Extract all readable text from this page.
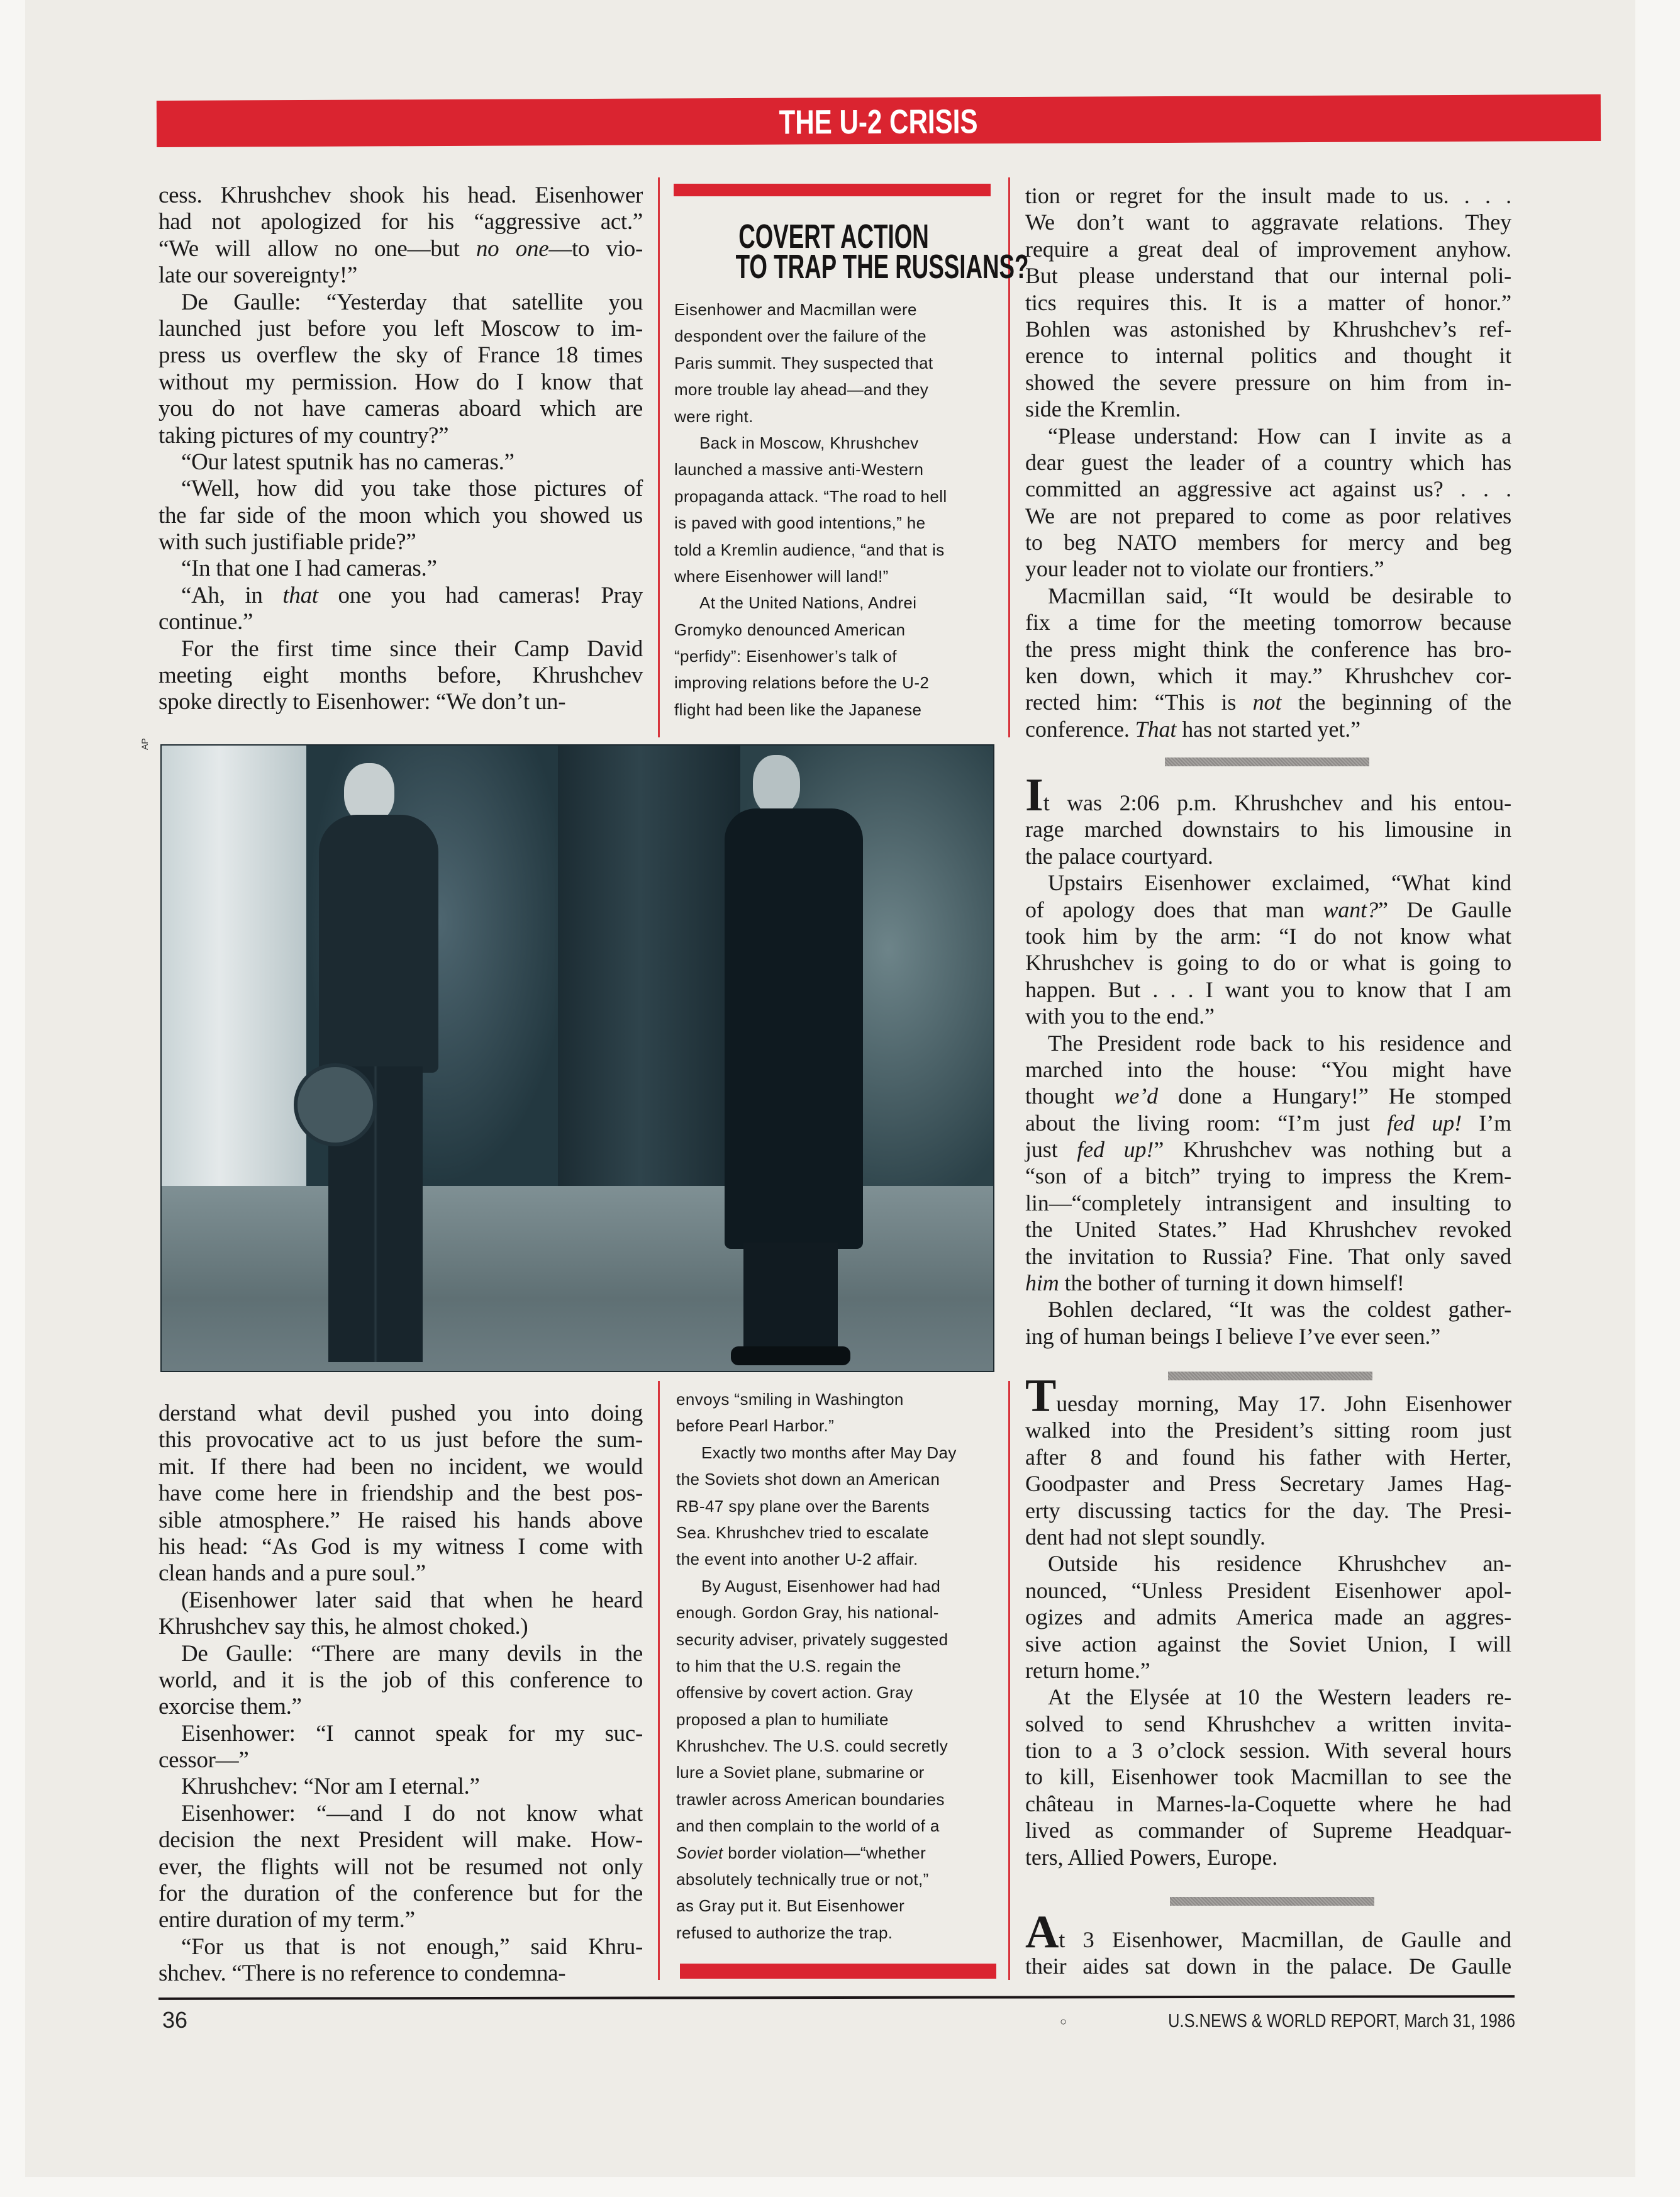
THE U-2 CRISIS
cess. Khrushchev shook his head. Eisenhower
had not apologized for his “aggressive act.”
“We will allow no one—but no one—to vio-
late our sovereignty!”
De Gaulle: “Yesterday that satellite you
launched just before you left Moscow to im-
press us overflew the sky of France 18 times
without my permission. How do I know that
you do not have cameras aboard which are
taking pictures of my country?”
“Our latest sputnik has no cameras.”
“Well, how did you take those pictures of
the far side of the moon which you showed us
with such justifiable pride?”
“In that one I had cameras.”
“Ah, in that one you had cameras! Pray
continue.”
For the first time since their Camp David
meeting eight months before, Khrushchev
spoke directly to Eisenhower: “We don’t un-
derstand what devil pushed you into doing
this provocative act to us just before the sum-
mit. If there had been no incident, we would
have come here in friendship and the best pos-
sible atmosphere.” He raised his hands above
his head: “As God is my witness I come with
clean hands and a pure soul.”
(Eisenhower later said that when he heard
Khrushchev say this, he almost choked.)
De Gaulle: “There are many devils in the
world, and it is the job of this conference to
exorcise them.”
Eisenhower: “I cannot speak for my suc-
cessor—”
Khrushchev: “Nor am I eternal.”
Eisenhower: “—and I do not know what
decision the next President will make. How-
ever, the flights will not be resumed not only
for the duration of the conference but for the
entire duration of my term.”
“For us that is not enough,” said Khru-
shchev. “There is no reference to condemna-
COVERT ACTION
TO TRAP THE RUSSIANS?
Eisenhower and Macmillan were
despondent over the failure of the
Paris summit. They suspected that
more trouble lay ahead—and they
were right.
Back in Moscow, Khrushchev
launched a massive anti-Western
propaganda attack. “The road to hell
is paved with good intentions,” he
told a Kremlin audience, “and that is
where Eisenhower will land!”
At the United Nations, Andrei
Gromyko denounced American
“perfidy”: Eisenhower’s talk of
improving relations before the U-2
flight had been like the Japanese
envoys “smiling in Washington
before Pearl Harbor.”
Exactly two months after May Day
the Soviets shot down an American
RB-47 spy plane over the Barents
Sea. Khrushchev tried to escalate
the event into another U-2 affair.
By August, Eisenhower had had
enough. Gordon Gray, his national-
security adviser, privately suggested
to him that the U.S. regain the
offensive by covert action. Gray
proposed a plan to humiliate
Khrushchev. The U.S. could secretly
lure a Soviet plane, submarine or
trawler across American boundaries
and then complain to the world of a
Soviet border violation—“whether
absolutely technically true or not,”
as Gray put it. But Eisenhower
refused to authorize the trap.
tion or regret for the insult made to us. . . .
We don’t want to aggravate relations. They
require a great deal of improvement anyhow.
But please understand that our internal poli-
tics requires this. It is a matter of honor.”
Bohlen was astonished by Khrushchev’s ref-
erence to internal politics and thought it
showed the severe pressure on him from in-
side the Kremlin.
“Please understand: How can I invite as a
dear guest the leader of a country which has
committed an aggressive act against us? . . .
We are not prepared to come as poor relatives
to beg NATO members for mercy and beg
your leader not to violate our frontiers.”
Macmillan said, “It would be desirable to
fix a time for the meeting tomorrow because
the press might think the conference has bro-
ken down, which it may.” Khrushchev cor-
rected him: “This is not the beginning of the
conference. That has not started yet.”
It was 2:06 p.m. Khrushchev and his entou-
rage marched downstairs to his limousine in
the palace courtyard.
Upstairs Eisenhower exclaimed, “What kind
of apology does that man want?” De Gaulle
took him by the arm: “I do not know what
Khrushchev is going to do or what is going to
happen. But . . . I want you to know that I am
with you to the end.”
The President rode back to his residence and
marched into the house: “You might have
thought we’d done a Hungary!” He stomped
about the living room: “I’m just fed up! I’m
just fed up!” Khrushchev was nothing but a
“son of a bitch” trying to impress the Krem-
lin—“completely intransigent and insulting to
the United States.” Had Khrushchev revoked
the invitation to Russia? Fine. That only saved
him the bother of turning it down himself!
Bohlen declared, “It was the coldest gather-
ing of human beings I believe I’ve ever seen.”
Tuesday morning, May 17. John Eisenhower
walked into the President’s sitting room just
after 8 and found his father with Herter,
Goodpaster and Press Secretary James Hag-
erty discussing tactics for the day. The Presi-
dent had not slept soundly.
Outside his residence Khrushchev an-
nounced, “Unless President Eisenhower apol-
ogizes and admits America made an aggres-
sive action against the Soviet Union, I will
return home.”
At the Elysée at 10 the Western leaders re-
solved to send Khrushchev a written invita-
tion to a 3 o’clock session. With several hours
to kill, Eisenhower took Macmillan to see the
château in Marnes-la-Coquette where he had
lived as commander of Supreme Headquar-
ters, Allied Powers, Europe.
At 3 Eisenhower, Macmillan, de Gaulle and
their aides sat down in the palace. De Gaulle
AP
36	○	U.S.NEWS & WORLD REPORT, March 31, 1986
